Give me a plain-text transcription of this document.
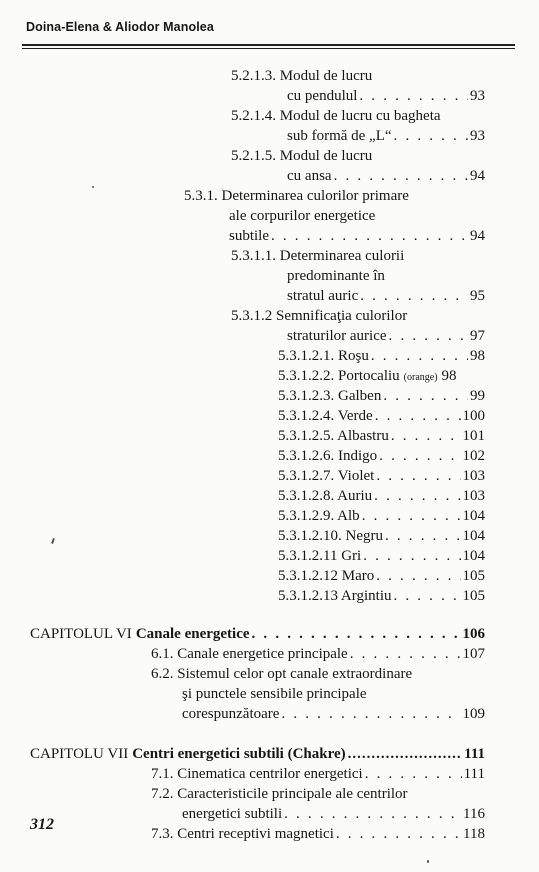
Doina-Elena & Aliodor Manolea
5.2.1.3. Modul de lucru
cu pendulul . . .	93
5.2.1.4. Modul de lucru cu bagheta
sub formă de „L“ . . .	93
5.2.1.5. Modul de lucru
cu ansa . . .	94
5.3.1. Determinarea culorilor primare
ale corpurilor energetice
subtile . . .	94
5.3.1.1. Determinarea culorii
predominante în
stratul auric . . .	95
5.3.1.2 Semnificaţia culorilor
straturilor aurice . . .	97
5.3.1.2.1. Roşu . . .	98
5.3.1.2.2. Portocaliu (orange) 98
5.3.1.2.3. Galben . . .	99
5.3.1.2.4. Verde . . .	100
5.3.1.2.5. Albastru . . .	101
5.3.1.2.6. Indigo . . .	102
5.3.1.2.7. Violet . . .	103
5.3.1.2.8. Auriu . . .	103
5.3.1.2.9. Alb . . .	104
5.3.1.2.10. Negru . . .	104
5.3.1.2.11 Gri . . .	104
5.3.1.2.12 Maro . . .	105
5.3.1.2.13 Argintiu . . .	105
CAPITOLUL VI Canale energetice . . .	106
6.1. Canale energetice principale . . .	107
6.2. Sistemul celor opt canale extraordinare
şi punctele sensibile principale
corespunzătoare . . .	109
CAPITOLU VII Centri energetici subtili (Chakre) .....	111
7.1. Cinematica centrilor energetici . . .	111
7.2. Caracteristicile principale ale centrilor
energetici subtili . . .	116
7.3. Centri receptivi magnetici . . .	118
312
